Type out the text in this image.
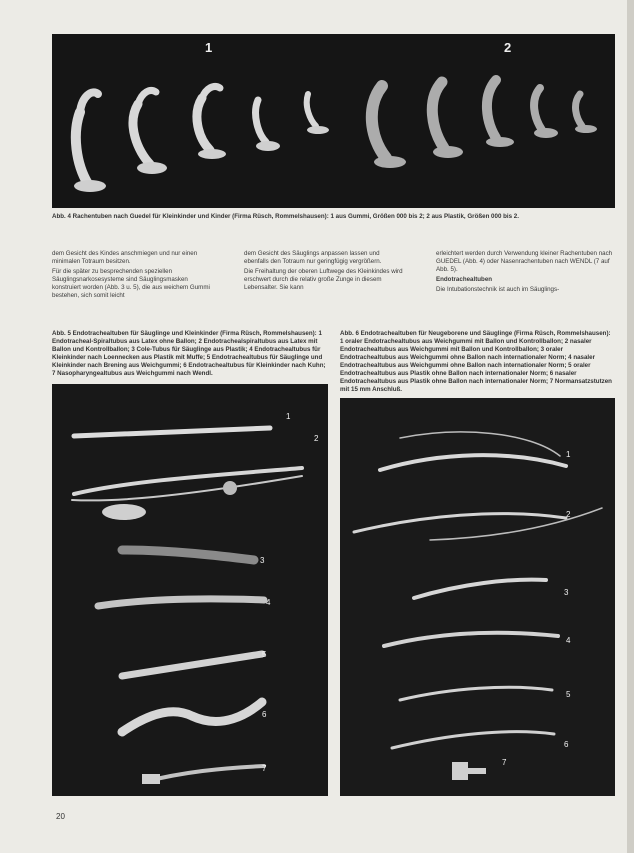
1	2
Abb. 4 Rachentuben nach Guedel für Kleinkinder und Kinder (Firma Rüsch, Rommelshausen): 1 aus Gummi, Größen 000 bis 2; 2 aus Plastik, Größen 000 bis 2.

dem Gesicht des Kindes anschmiegen und nur einen minimalen Totraum besitzen.

Für die später zu besprechenden speziellen Säuglingsnarkosesysteme sind Säuglingsmasken konstruiert worden (Abb. 3 u. 5), die aus weichem Gummi bestehen, sich somit leicht

dem Gesicht des Säuglings anpassen lassen und ebenfalls den Totraum nur geringfügig vergrößern.

Die Freihaltung der oberen Luftwege des Kleinkindes wird erschwert durch die relativ große Zunge in diesem Lebensalter. Sie kann

erleichtert werden durch Verwendung kleiner Rachentuben nach GUEDEL (Abb. 4) oder Nasenrachentuben nach WENDL (7 auf Abb. 5).

Endotrachealtuben

Die Intubationstechnik ist auch im Säuglings-

Abb. 5 Endotrachealtuben für Säuglinge und Kleinkinder (Firma Rüsch, Rommelshausen): 1 Endotracheal-Spiraltubus aus Latex ohne Ballon; 2 Endotrachealspiraltubus aus Latex mit Ballon und Kontrollballon; 3 Cole-Tubus für Säuglinge aus Plastik; 4 Endotrachealtubus für Kleinkinder nach Loennecken aus Plastik mit Muffe; 5 Endotrachealtubus für Säuglinge und Kleinkinder nach Brening aus Weichgummi; 6 Endotrachealtubus für Kleinkinder nach Kuhn; 7 Nasopharyngealtubus aus Weichgummi nach Wendl.
Abb. 6 Endotrachealtuben für Neugeborene und Säuglinge (Firma Rüsch, Rommelshausen): 1 oraler Endotrachealtubus aus Weichgummi mit Ballon und Kontrollballon; 2 nasaler Endotrachealtubus aus Weichgummi mit Ballon und Kontrollballon; 3 oraler Endotrachealtubus aus Weichgummi ohne Ballon nach internationaler Norm; 4 nasaler Endotrachealtubus aus Weichgummi ohne Ballon nach internationaler Norm; 5 oraler Endotrachealtubus aus Plastik ohne Ballon nach internationaler Norm; 6 nasaler Endotrachealtubus aus Plastik ohne Ballon nach internationaler Norm; 7 Normansatzstutzen mit 15 mm Anschluß.
1
2
3
4
5
6
7
1
2
3
4
5
6
7
20
